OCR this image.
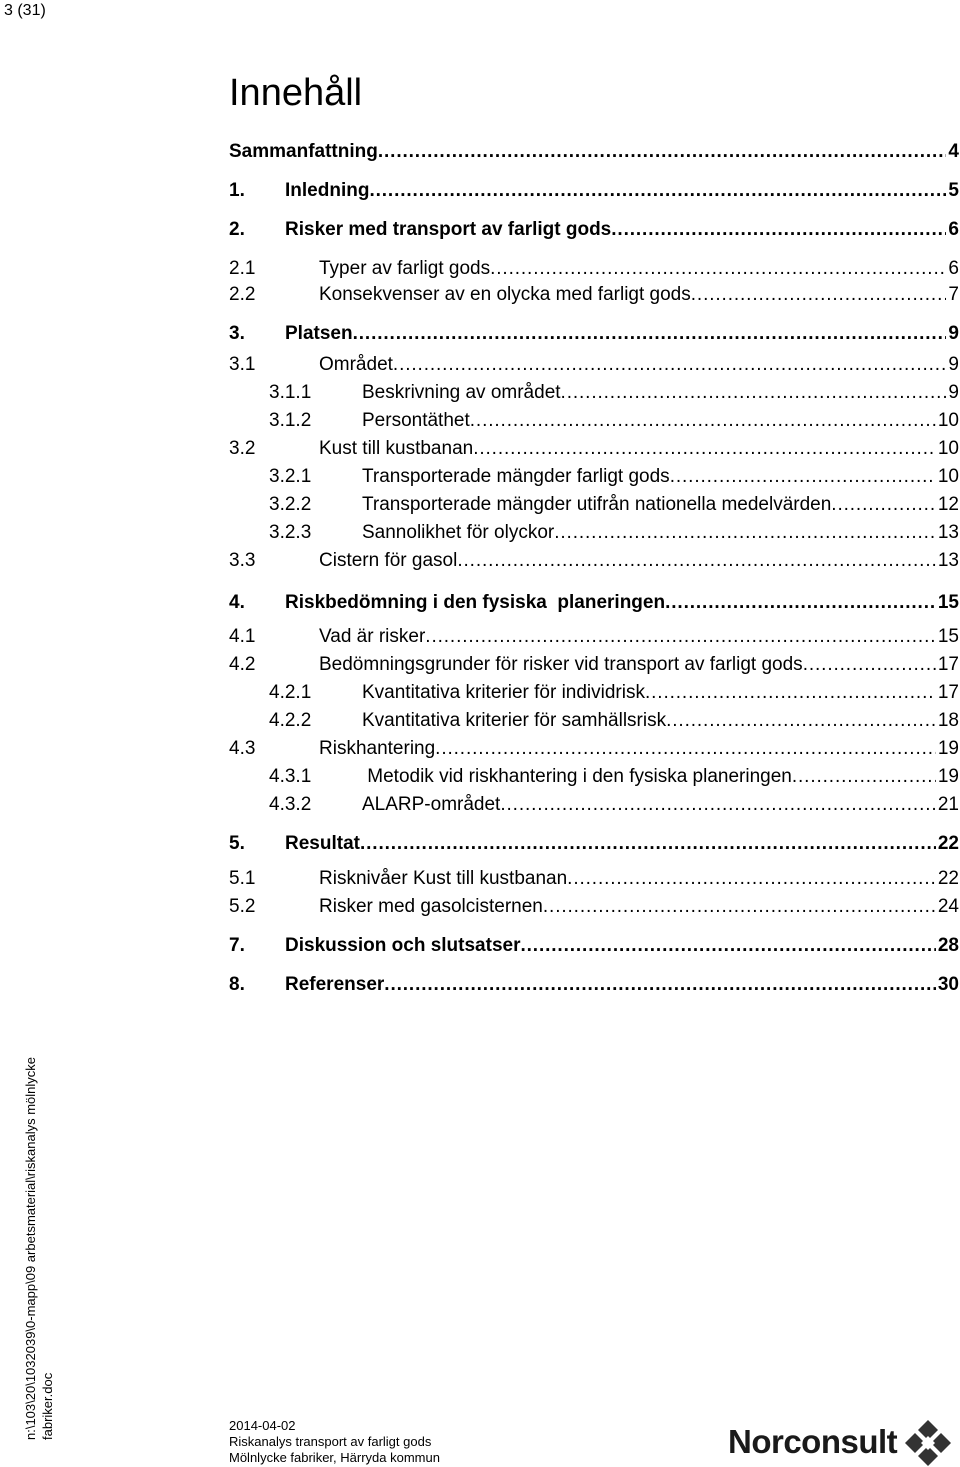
3 (31)
Innehåll
Sammanfattning . . .	4
1.	Inledning . . .	5
2.	Risker med transport av farligt gods . . .	6
2.1	Typer av farligt gods . . .	6
2.2	Konsekvenser av en olycka med farligt gods . . .	7
3.	Platsen . . .	9
3.1	Området . . .	9
3.1.1	Beskrivning av området . . .	9
3.1.2	Persontäthet . . .	10
3.2	Kust till kustbanan . . .	10
3.2.1	Transporterade mängder farligt gods . . .	10
3.2.2	Transporterade mängder utifrån nationella medelvärden . . .	12
3.2.3	Sannolikhet för olyckor . . .	13
3.3	Cistern för gasol . . .	13
4.	Riskbedömning i den fysiska  planeringen . . .	15
4.1	Vad är risker . . .	15
4.2	Bedömningsgrunder för risker vid transport av farligt gods . . .	17
4.2.1	Kvantitativa kriterier för individrisk . . .	17
4.2.2	Kvantitativa kriterier för samhällsrisk . . .	18
4.3	Riskhantering . . .	19
4.3.1	Metodik vid riskhantering i den fysiska planeringen . . .	19
4.3.2	ALARP-området . . .	21
5.	Resultat . . .	22
5.1	Risknivåer Kust till kustbanan . . .	22
5.2	Risker med gasolcisternen . . .	24
7.	Diskussion och slutsatser . . .	28
8.	Referenser . . .	30
n:\103\20\1032039\0-mapp\09 arbetsmaterial\riskanalys mölnlycke fabriker.doc	2014-04-02
Riskanalys transport av farligt gods
Mölnlycke fabriker, Härryda kommun	Norconsult
